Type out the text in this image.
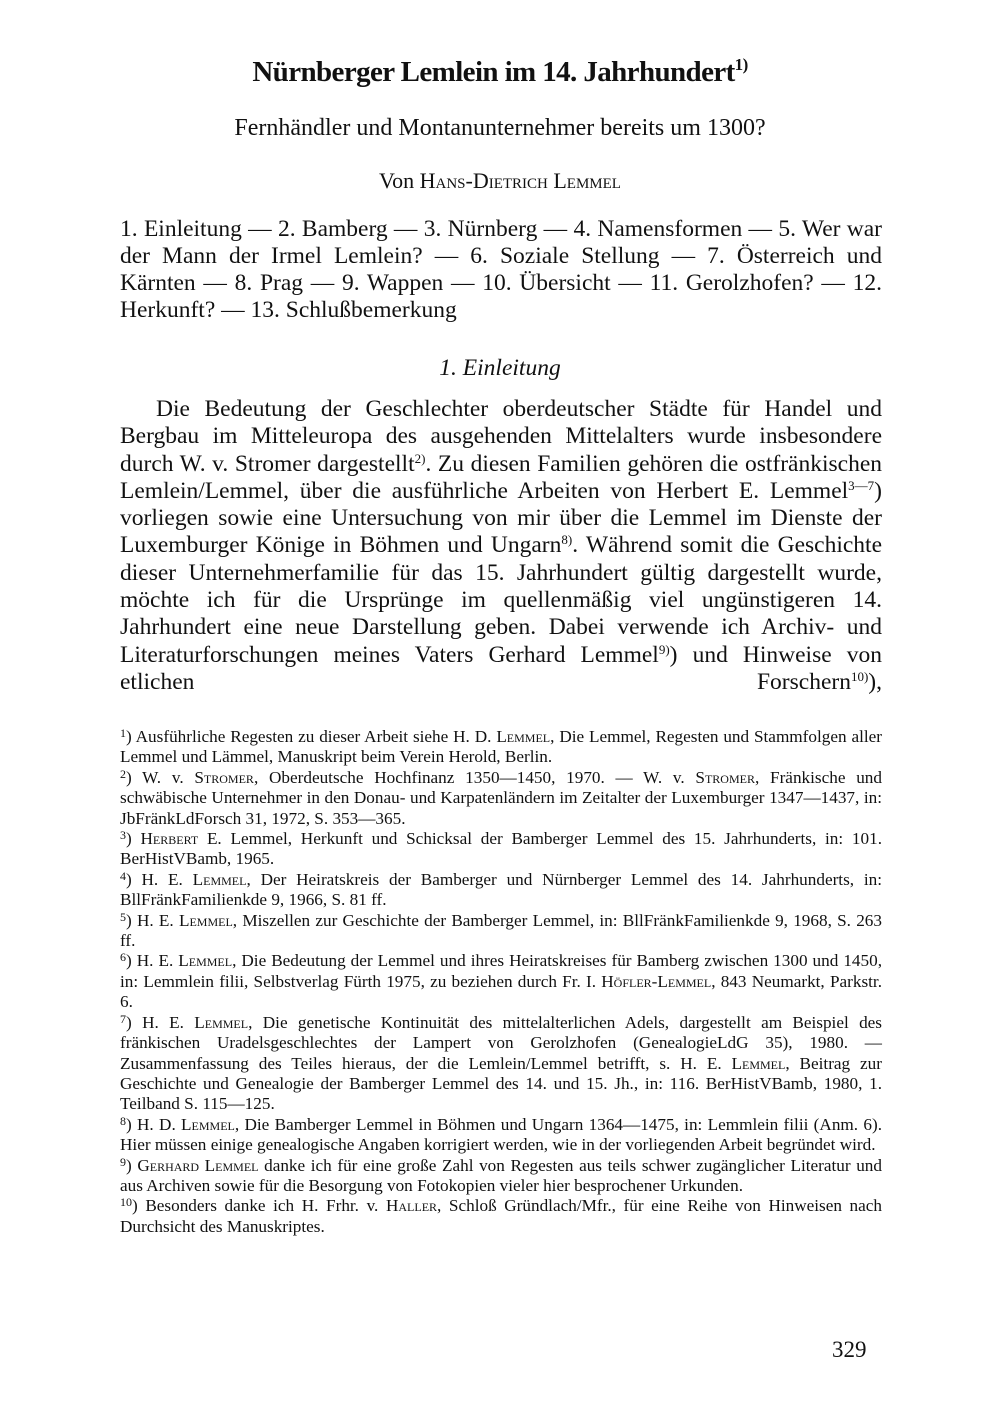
Nürnberger Lemlein im 14. Jahrhundert$^{1)}$
Fernhändler und Montanunternehmer bereits um 1300?
Von Hans-Dietrich Lemmel
1. Einleitung — 2. Bamberg — 3. Nürnberg — 4. Namensformen — 5. Wer war der Mann der Irmel Lemlein? — 6. Soziale Stellung — 7. Österreich und Kärnten — 8. Prag — 9. Wappen — 10. Übersicht — 11. Gerolzhofen? — 12. Herkunft? — 13. Schlußbemerkung
1. Einleitung
Die Bedeutung der Geschlechter oberdeutscher Städte für Handel und Bergbau im Mitteleuropa des ausgehenden Mittelalters wurde insbesondere durch W. v. Stromer dargestellt$^{2)}$. Zu diesen Familien gehören die ostfränkischen Lemlein/Lemmel, über die ausführliche Arbeiten von Herbert E. Lemmel$^{3—7}$) vorliegen sowie eine Untersuchung von mir über die Lemmel im Dienste der Luxemburger Könige in Böhmen und Ungarn$^{8)}$. Während somit die Geschichte dieser Unternehmerfamilie für das 15. Jahrhundert gültig dargestellt wurde, möchte ich für die Ursprünge im quellenmäßig viel ungünstigeren 14. Jahrhundert eine neue Darstellung geben. Dabei verwende ich Archiv- und Literaturforschungen meines Vaters Gerhard Lemmel$^{9)}$) und Hinweise von etlichen Forschern$^{10)}$),

$^1$) Ausführliche Regesten zu dieser Arbeit siehe H. D. Lemmel, Die Lemmel, Regesten und Stammfolgen aller Lemmel und Lämmel, Manuskript beim Verein Herold, Berlin.

$^2$) W. v. Stromer, Oberdeutsche Hochfinanz 1350—1450, 1970. — W. v. Stromer, Fränkische und schwäbische Unternehmer in den Donau- und Karpatenländern im Zeitalter der Luxemburger 1347—1437, in: JbFränkLdForsch 31, 1972, S. 353—365.

$^3$) Herbert E. Lemmel, Herkunft und Schicksal der Bamberger Lemmel des 15. Jahrhunderts, in: 101. BerHistVBamb, 1965.

$^4$) H. E. Lemmel, Der Heiratskreis der Bamberger und Nürnberger Lemmel des 14. Jahrhunderts, in: BllFränkFamilienkde 9, 1966, S. 81 ff.

$^5$) H. E. Lemmel, Miszellen zur Geschichte der Bamberger Lemmel, in: BllFränkFamilienkde 9, 1968, S. 263 ff.

$^6$) H. E. Lemmel, Die Bedeutung der Lemmel und ihres Heiratskreises für Bamberg zwischen 1300 und 1450, in: Lemmlein filii, Selbstverlag Fürth 1975, zu beziehen durch Fr. I. Höfler-Lemmel, 843 Neumarkt, Parkstr. 6.

$^7$) H. E. Lemmel, Die genetische Kontinuität des mittelalterlichen Adels, dargestellt am Beispiel des fränkischen Uradelsgeschlechtes der Lampert von Gerolzhofen (GenealogieLdG 35), 1980. — Zusammenfassung des Teiles hieraus, der die Lemlein/Lemmel betrifft, s. H. E. Lemmel, Beitrag zur Geschichte und Genealogie der Bamberger Lemmel des 14. und 15. Jh., in: 116. BerHistVBamb, 1980, 1. Teilband S. 115—125.

$^8$) H. D. Lemmel, Die Bamberger Lemmel in Böhmen und Ungarn 1364—1475, in: Lemmlein filii (Anm. 6). Hier müssen einige genealogische Angaben korrigiert werden, wie in der vorliegenden Arbeit begründet wird.

$^9$) Gerhard Lemmel danke ich für eine große Zahl von Regesten aus teils schwer zugänglicher Literatur und aus Archiven sowie für die Besorgung von Fotokopien vieler hier besprochener Urkunden.

$^{10}$) Besonders danke ich H. Frhr. v. Haller, Schloß Gründlach/Mfr., für eine Reihe von Hinweisen nach Durchsicht des Manuskriptes.

329
